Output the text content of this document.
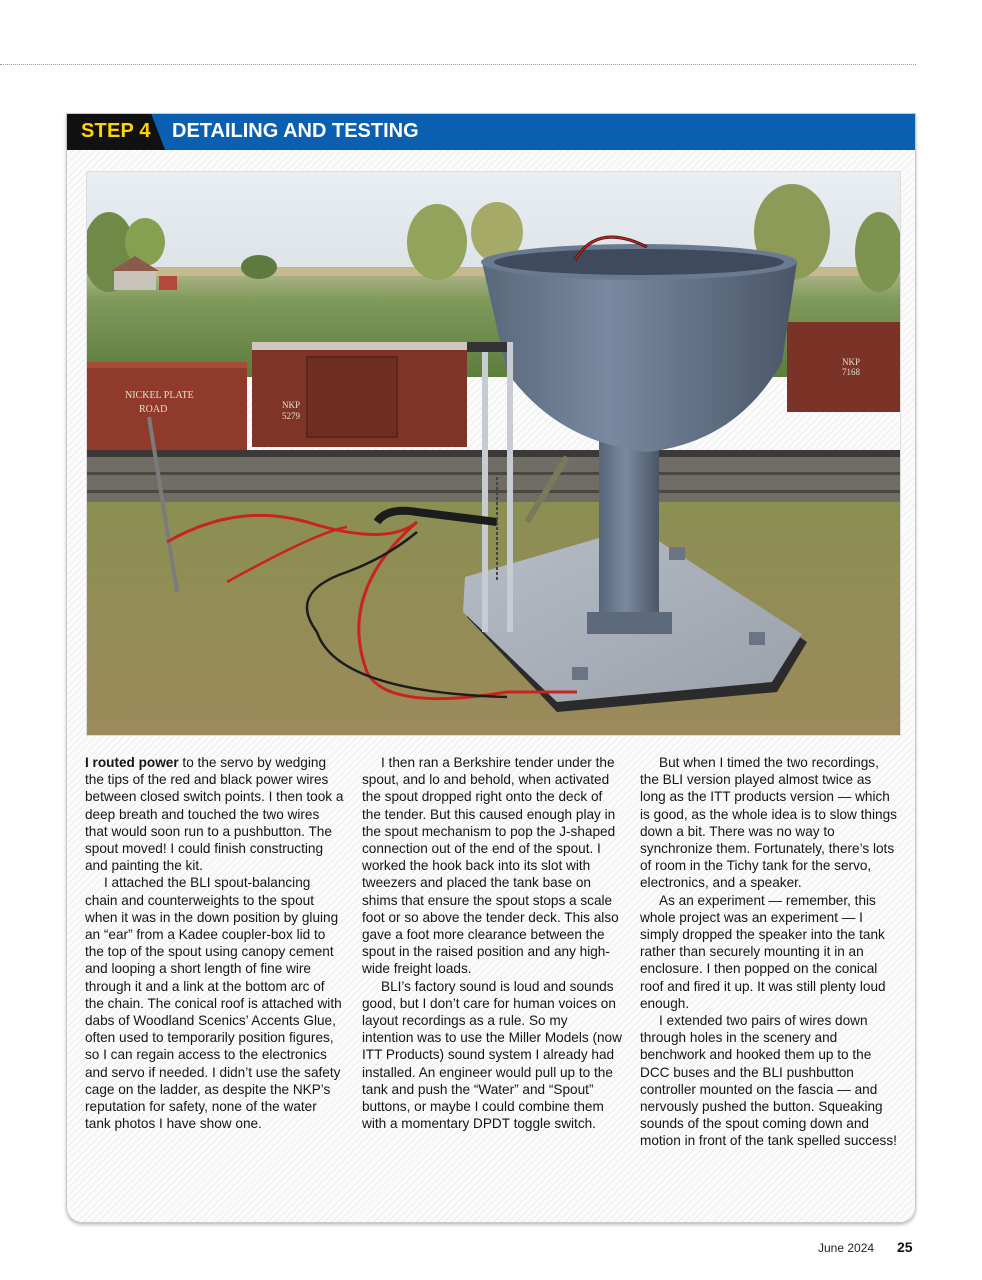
STEP 4 DETAILING AND TESTING
NICKEL PLATE
ROAD	NKP
5279
NKP
7168

I routed power to the servo by wedging the tips of the red and black power wires between closed switch points. I then took a deep breath and touched the two wires that would soon run to a pushbutton. The spout moved! I could finish constructing and painting the kit.

I attached the BLI spout-balancing chain and counterweights to the spout when it was in the down position by gluing an “ear” from a Kadee coupler-box lid to the top of the spout using canopy cement and looping a short length of fine wire through it and a link at the bottom arc of the chain. The conical roof is attached with dabs of Woodland Scenics’ Accents Glue, often used to temporarily position figures, so I can regain access to the electronics and servo if needed. I didn’t use the safety cage on the ladder, as despite the NKP’s reputation for safety, none of the water tank photos I have show one.

I then ran a Berkshire tender under the spout, and lo and behold, when activated the spout dropped right onto the deck of the tender. But this caused enough play in the spout mechanism to pop the J-shaped connection out of the end of the spout. I worked the hook back into its slot with tweezers and placed the tank base on shims that ensure the spout stops a scale foot or so above the tender deck. This also gave a foot more clearance between the spout in the raised position and any high-wide freight loads.

BLI’s factory sound is loud and sounds good, but I don’t care for human voices on layout recordings as a rule. So my intention was to use the Miller Models (now ITT Products) sound system I already had installed. An engineer would pull up to the tank and push the “Water” and “Spout” buttons, or maybe I could combine them with a momentary DPDT toggle switch.

But when I timed the two recordings, the BLI version played almost twice as long as the ITT products version — which is good, as the whole idea is to slow things down a bit. There was no way to synchronize them. Fortunately, there’s lots of room in the Tichy tank for the servo, electronics, and a speaker.

As an experiment — remember, this whole project was an experiment — I simply dropped the speaker into the tank rather than securely mounting it in an enclosure. I then popped on the conical roof and fired it up. It was still plenty loud enough.

I extended two pairs of wires down through holes in the scenery and benchwork and hooked them up to the DCC buses and the BLI pushbutton controller mounted on the fascia — and nervously pushed the button. Squeaking sounds of the spout coming down and motion in front of the tank spelled success!

June 2024 25
